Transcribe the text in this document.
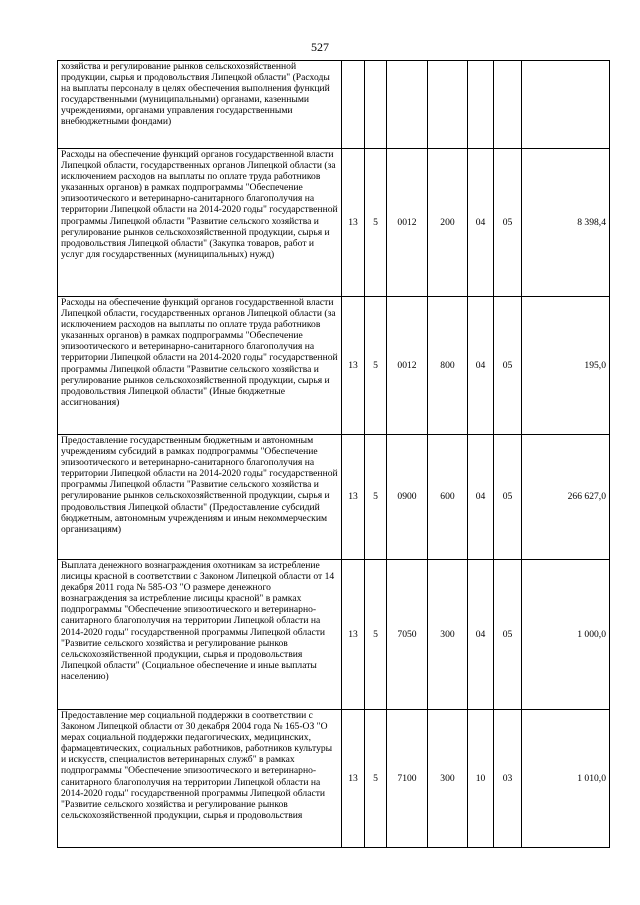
527
хозяйства и регулирование рынков сельскохозяйственной продукции, сырья и продовольствия Липецкой области" (Расходы на выплаты персоналу в целях обеспечения выполнения функций государственными (муниципальными) органами, казенными учреждениями, органами управления государственными внебюджетными фондами)							
Расходы на обеспечение функций органов государственной власти Липецкой области, государственных органов Липецкой области (за исключением расходов на выплаты по оплате труда работников указанных органов) в рамках подпрограммы "Обеспечение эпизоотического и ветеринарно-санитарного благополучия на территории Липецкой области на 2014-2020 годы" государственной программы Липецкой области "Развитие сельского хозяйства и регулирование рынков сельскохозяйственной продукции, сырья и продовольствия Липецкой области" (Закупка товаров, работ и услуг для государственных (муниципальных) нужд)	13	5	0012	200	04	05	8 398,4
Расходы на обеспечение функций органов государственной власти Липецкой области, государственных органов Липецкой области (за исключением расходов на выплаты по оплате труда работников указанных органов) в рамках подпрограммы "Обеспечение эпизоотического и ветеринарно-санитарного благополучия на территории Липецкой области на 2014-2020 годы" государственной программы Липецкой области "Развитие сельского хозяйства и регулирование рынков сельскохозяйственной продукции, сырья и продовольствия Липецкой области" (Иные бюджетные ассигнования)	13	5	0012	800	04	05	195,0
Предоставление государственным бюджетным и автономным учреждениям субсидий в рамках подпрограммы "Обеспечение эпизоотического и ветеринарно-санитарного благополучия на территории Липецкой области на 2014-2020 годы" государственной программы Липецкой области "Развитие сельского хозяйства и регулирование рынков сельскохозяйственной продукции, сырья и продовольствия Липецкой области" (Предоставление субсидий бюджетным, автономным учреждениям и иным некоммерческим организациям)	13	5	0900	600	04	05	266 627,0
Выплата денежного вознаграждения охотникам за истребление лисицы красной в соответствии с Законом Липецкой области от 14 декабря 2011 года № 585-ОЗ "О размере денежного вознаграждения за истребление лисицы красной" в рамках подпрограммы "Обеспечение эпизоотического и ветеринарно-санитарного благополучия на территории Липецкой области на 2014-2020 годы" государственной программы Липецкой области "Развитие сельского хозяйства и регулирование рынков сельскохозяйственной продукции, сырья и продовольствия Липецкой области" (Социальное обеспечение и иные выплаты населению)	13	5	7050	300	04	05	1 000,0
Предоставление мер социальной поддержки в соответствии с Законом Липецкой области от 30 декабря 2004 года № 165-ОЗ "О мерах социальной поддержки педагогических, медицинских, фармацевтических, социальных работников, работников культуры и искусств, специалистов ветеринарных служб" в рамках подпрограммы "Обеспечение эпизоотического и ветеринарно-санитарного благополучия на территории Липецкой области на 2014-2020 годы" государственной программы Липецкой области "Развитие сельского хозяйства и регулирование рынков сельскохозяйственной продукции, сырья и продовольствия	13	5	7100	300	10	03	1 010,0
